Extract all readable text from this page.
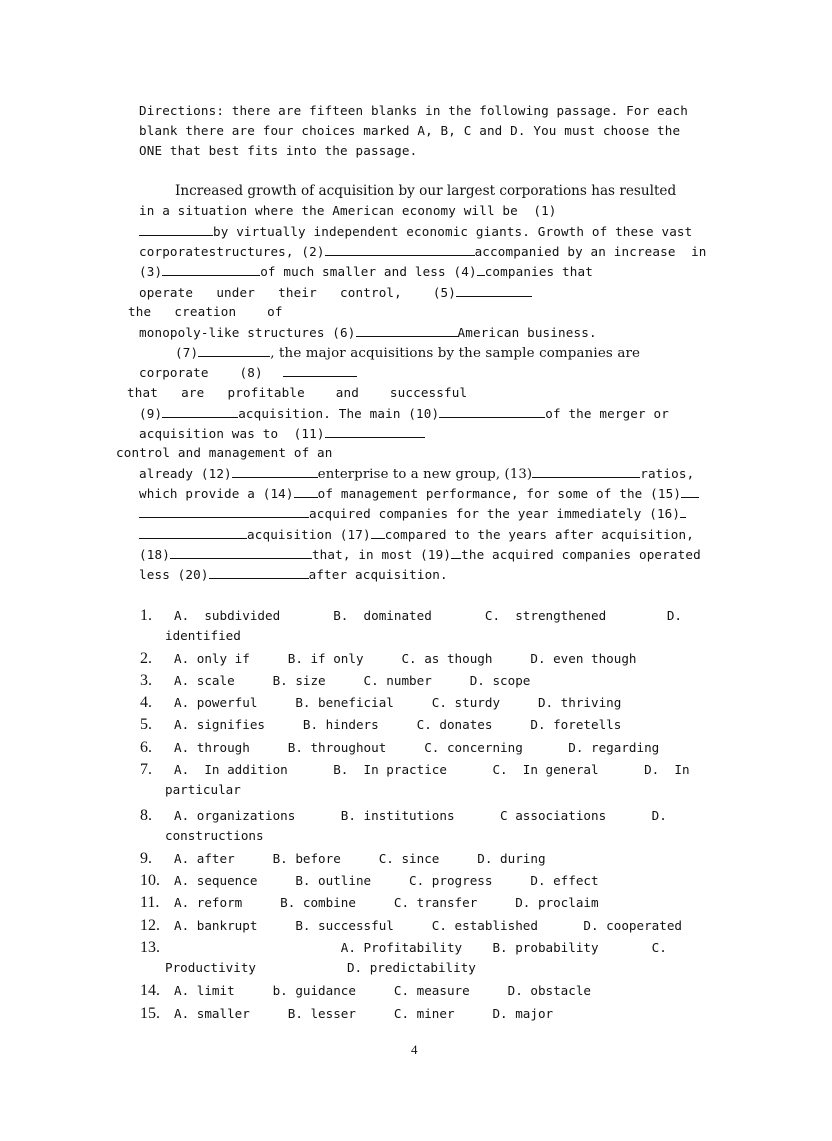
Directions: there are fifteen blanks in the following passage. For each
blank there are four choices marked A, B, C and D. You must choose the
ONE that best fits into the passage.
Increased growth of acquisition by our largest corporations has resulted
in a situation where the American economy will be  (1)
by virtually independent economic giants. Growth of these vast
corporatestructures, (2)	accompanied by an increase  in
(3)	of much smaller and less (4) companies that
operate   under   their   control,    (5)
the   creation    of
monopoly-like structures (6)	American business.
(7)	, the major acquisitions by the sample companies are
corporate    (8)
that   are   profitable    and    successful
(9)	acquisition. The main (10)	of the merger or
acquisition was to  (11)
control and management of an
already (12)	enterprise to a new group, (13)	ratios,
which provide a (14) of management performance, for some of the (15)
acquired companies for the year immediately (16)
acquisition (17) compared to the years after acquisition,
(18)	that, in most (19) the acquired companies operated
less (20)	after acquisition.
1. A.  subdivided       B.  dominated       C.  strengthened        D.
identified
2. A. only if     B. if only     C. as though     D. even though
3. A. scale     B. size     C. number     D. scope
4. A. powerful     B. beneficial     C. sturdy     D. thriving
5. A. signifies     B. hinders     C. donates     D. foretells
6. A. through     B. throughout     C. concerning      D. regarding
7. A.  In addition      B.  In practice      C.  In general      D.  In
particular
8. A. organizations      B. institutions      C associations      D.
constructions
9. A. after     B. before     C. since     D. during
10. A. sequence     B. outline     C. progress     D. effect
11. A. reform     B. combine     C. transfer     D. proclaim
12. A. bankrupt     B. successful     C. established      D. cooperated
13. A. Profitability    B. probability       C.
Productivity            D. predictability
14. A. limit     b. guidance     C. measure     D. obstacle
15. A. smaller     B. lesser     C. miner     D. major
4
